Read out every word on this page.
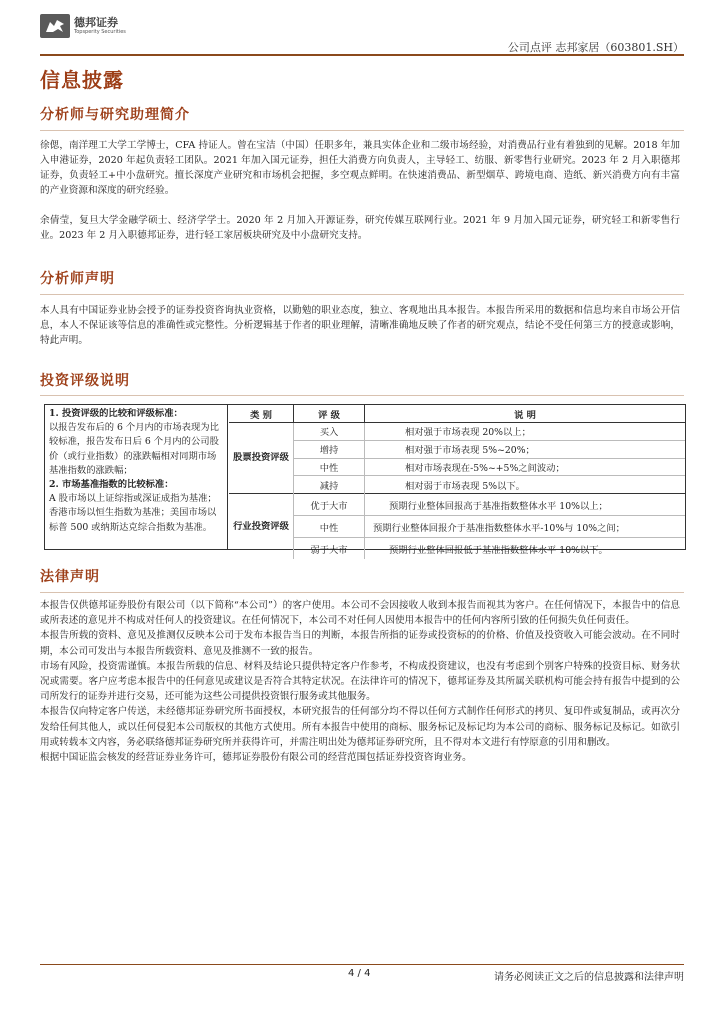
德邦证券
Topsperity Securities
公司点评 志邦家居（603801.SH）
信息披露
分析师与研究助理简介

徐偲，南洋理工大学工学博士，CFA 持证人。曾在宝洁（中国）任职多年，兼具实体企业和二级市场经验，对消费品行业有着独到的见解。2018 年加入申港证券，2020 年起负责轻工团队。2021 年加入国元证券，担任大消费方向负责人，主导轻工、纺服、新零售行业研究。2023 年 2 月入职德邦证券，负责轻工+中小盘研究。擅长深度产业研究和市场机会把握，多空观点鲜明。在快速消费品、新型烟草、跨境电商、造纸、新兴消费方向有丰富的产业资源和深度的研究经验。

余倩莹，复旦大学金融学硕士、经济学学士。2020 年 2 月加入开源证券，研究传媒互联网行业。2021 年 9 月加入国元证券，研究轻工和新零售行业。2023 年 2 月入职德邦证券，进行轻工家居板块研究及中小盘研究支持。

分析师声明
本人具有中国证券业协会授予的证券投资咨询执业资格，以勤勉的职业态度，独立、客观地出具本报告。本报告所采用的数据和信息均来自市场公开信息，本人不保证该等信息的准确性或完整性。分析逻辑基于作者的职业理解，清晰准确地反映了作者的研究观点，结论不受任何第三方的授意或影响，特此声明。
投资评级说明
1. 投资评级的比较和评级标准：
以报告发布后的 6 个月内的市场表现为比较标准，报告发布日后 6 个月内的公司股价（或行业指数）的涨跌幅相对同期市场基准指数的涨跌幅；
2. 市场基准指数的比较标准：
A 股市场以上证综指或深证成指为基准；香港市场以恒生指数为基准；美国市场以标普 500 或纳斯达克综合指数为基准。
类 别	评 级	说 明
股票投资评级	买入	相对强于市场表现 20%以上；
	增持	相对强于市场表现 5%~20%；
	中性	相对市场表现在-5%~+5%之间波动；
	减持	相对弱于市场表现 5%以下。
行业投资评级	优于大市	预期行业整体回报高于基准指数整体水平 10%以上；
	中性	预期行业整体回报介于基准指数整体水平-10%与 10%之间；
	弱于大市	预期行业整体回报低于基准指数整体水平 10%以下。
法律声明

本报告仅供德邦证券股份有限公司（以下简称“本公司”）的客户使用。本公司不会因接收人收到本报告而视其为客户。在任何情况下，本报告中的信息或所表述的意见并不构成对任何人的投资建议。在任何情况下，本公司不对任何人因使用本报告中的任何内容所引致的任何损失负任何责任。

本报告所载的资料、意见及推测仅反映本公司于发布本报告当日的判断，本报告所指的证券或投资标的的价格、价值及投资收入可能会波动。在不同时期，本公司可发出与本报告所载资料、意见及推测不一致的报告。

市场有风险，投资需谨慎。本报告所载的信息、材料及结论只提供特定客户作参考，不构成投资建议，也没有考虑到个别客户特殊的投资目标、财务状况或需要。客户应考虑本报告中的任何意见或建议是否符合其特定状况。在法律许可的情况下，德邦证券及其所属关联机构可能会持有报告中提到的公司所发行的证券并进行交易，还可能为这些公司提供投资银行服务或其他服务。

本报告仅向特定客户传送，未经德邦证券研究所书面授权，本研究报告的任何部分均不得以任何方式制作任何形式的拷贝、复印件或复制品，或再次分发给任何其他人，或以任何侵犯本公司版权的其他方式使用。所有本报告中使用的商标、服务标记及标记均为本公司的商标、服务标记及标记。如欲引用或转载本文内容，务必联络德邦证券研究所并获得许可，并需注明出处为德邦证券研究所，且不得对本文进行有悖原意的引用和删改。

根据中国证监会核发的经营证券业务许可，德邦证券股份有限公司的经营范围包括证券投资咨询业务。

4 / 4	请务必阅读正文之后的信息披露和法律声明
